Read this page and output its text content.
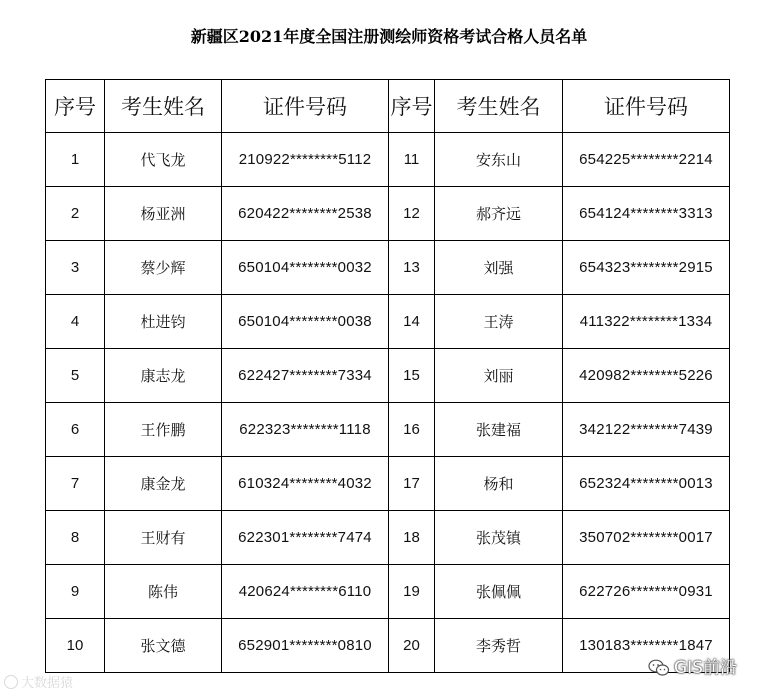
新疆区2021年度全国注册测绘师资格考试合格人员名单
序号	考生姓名	证件号码	序号	考生姓名	证件号码
1	代飞龙	210922********5112	11	安东山	654225********2214
2	杨亚洲	620422********2538	12	郝齐远	654124********3313
3	蔡少辉	650104********0032	13	刘强	654323********2915
4	杜进钧	650104********0038	14	王涛	411322********1334
5	康志龙	622427********7334	15	刘丽	420982********5226
6	王作鹏	622323********1118	16	张建福	342122********7439
7	康金龙	610324********4032	17	杨和	652324********0013
8	王财有	622301********7474	18	张茂镇	350702********0017
9	陈伟	420624********6110	19	张佩佩	622726********0931
10	张文德	652901********0810	20	李秀哲	130183********1847
大数据猿
GIS前沿
